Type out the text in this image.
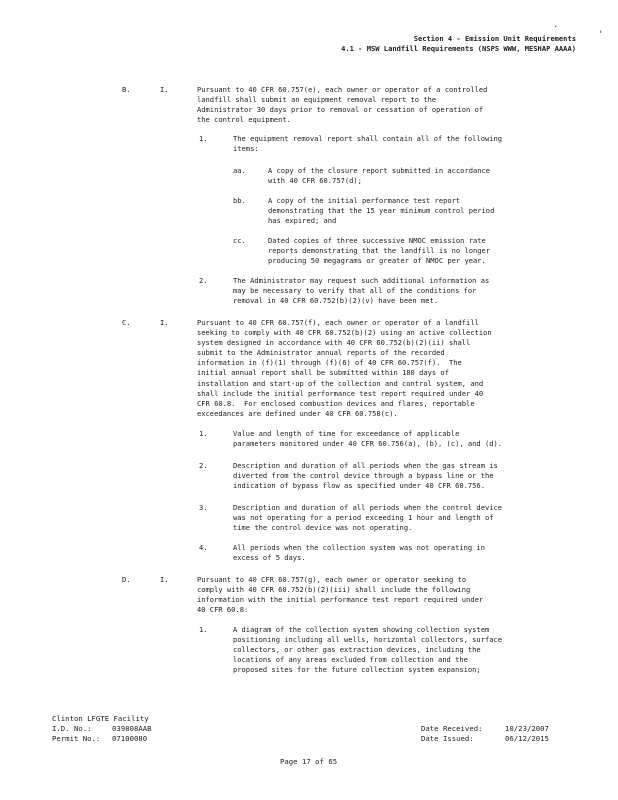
.
'
Section 4 - Emission Unit Requirements
4.1 - MSW Landfill Requirements (NSPS WWW, MESHAP AAAA)
B.	I.	Pursuant to 40 CFR 60.757(e), each owner or operator of a controlled
landfill shall submit an equipment removal report to the
Administrator 30 days prior to removal or cessation of operation of
the control equipment.
1.	The equipment removal report shall contain all of the following
items:
aa.	A copy of the closure report submitted in accordance
with 40 CFR 60.757(d);
bb.	A copy of the initial performance test report
demonstrating that the 15 year minimum control period
has expired; and
cc.	Dated copies of three successive NMOC emission rate
reports demonstrating that the landfill is no longer
producing 50 megagrams or greater of NMOC per year.
2.	The Administrator may request such additional information as
may be necessary to verify that all of the conditions for
removal in 40 CFR 60.752(b)(2)(v) have been met.
C.	I.	Pursuant to 40 CFR 60.757(f), each owner or operator of a landfill
seeking to comply with 40 CFR 60.752(b)(2) using an active collection
system designed in accordance with 40 CFR 60.752(b)(2)(ii) shall
submit to the Administrator annual reports of the recorded
information in (f)(1) through (f)(6) of 40 CFR 60.757(f).  The
initial annual report shall be submitted within 180 days of
installation and start-up of the collection and control system, and
shall include the initial performance test report required under 40
CFR 60.8.  For enclosed combustion devices and flares, reportable
exceedances are defined under 40 CFR 60.758(c).
1.	Value and length of time for exceedance of applicable
parameters monitored under 40 CFR 60.756(a), (b), (c), and (d).
2.	Description and duration of all periods when the gas stream is
diverted from the control device through a bypass line or the
indication of bypass flow as specified under 40 CFR 60.756.
3.	Description and duration of all periods when the control device
was not operating for a period exceeding 1 hour and length of
time the control device was not operating.
4.	All periods when the collection system was not operating in
excess of 5 days.
D.	I.	Pursuant to 40 CFR 60.757(g), each owner or operator seeking to
comply with 40 CFR 60.752(b)(2)(iii) shall include the following
information with the initial performance test report required under
40 CFR 60.8:
1.	A diagram of the collection system showing collection system
positioning including all wells, horizontal collectors, surface
collectors, or other gas extraction devices, including the
locations of any areas excluded from collection and the
proposed sites for the future collection system expansion;
Clinton LFGTE Facility
I.D. No.:	039808AAB
Permit No.:	07100080
Date Received:	10/23/2007
Date Issued:	06/12/2015
Page 17 of 65
